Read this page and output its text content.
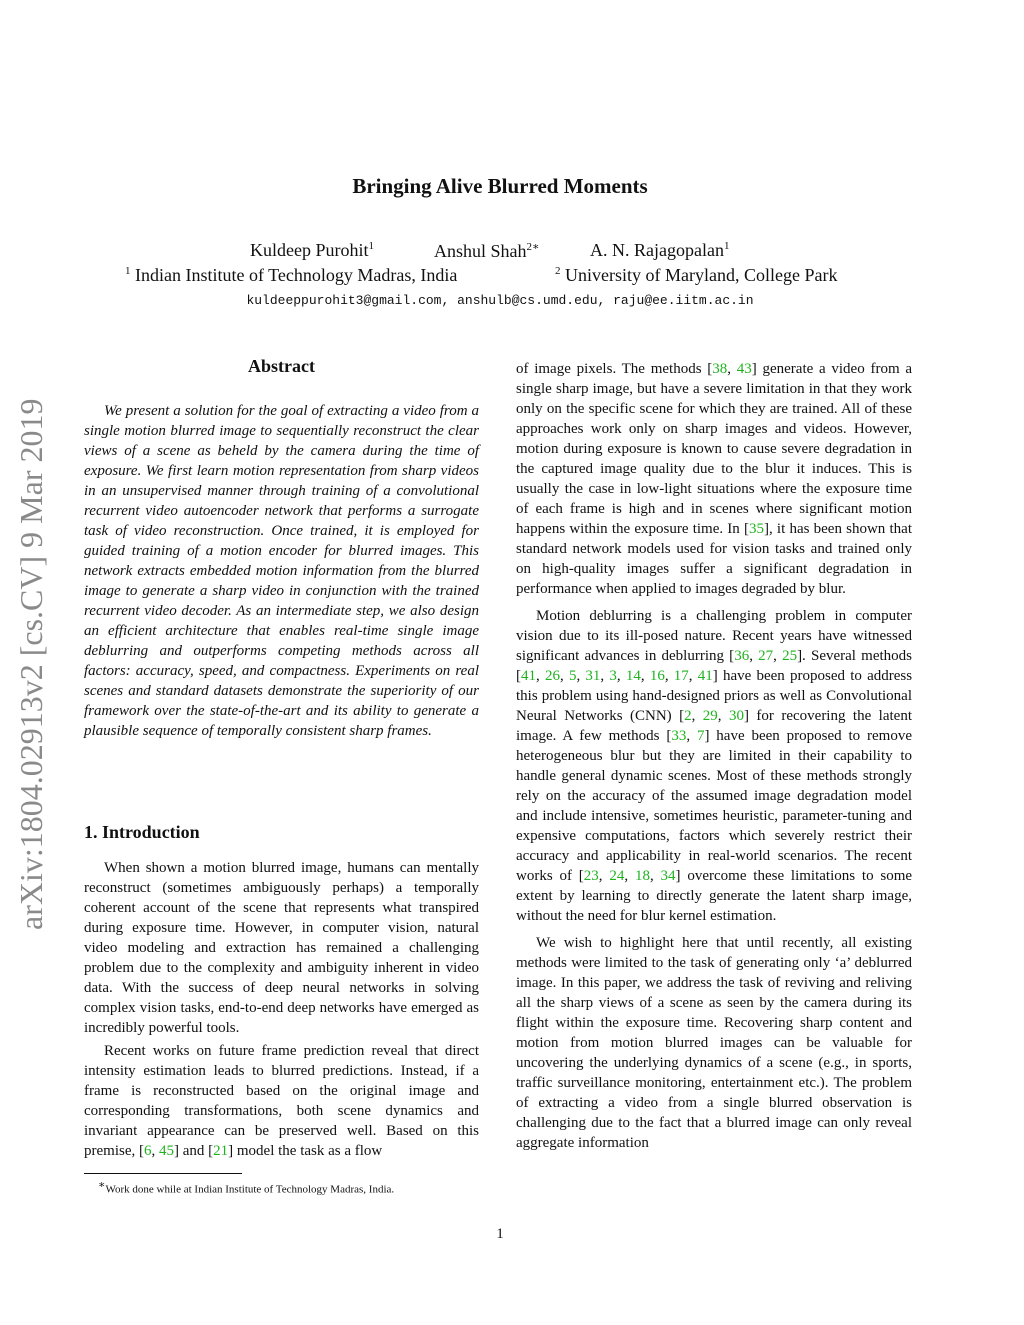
arXiv:1804.02913v2 [cs.CV] 9 Mar 2019
Bringing Alive Blurred Moments
Kuldeep Purohit$^1$	Anshul Shah$^{2∗}$	A. N. Rajagopalan$^1$
$^1$ Indian Institute of Technology Madras, India	$^2$ University of Maryland, College Park
kuldeeppurohit3@gmail.com, anshulb@cs.umd.edu, raju@ee.iitm.ac.in
Abstract

We present a solution for the goal of extracting a video from a single motion blurred image to sequentially reconstruct the clear views of a scene as beheld by the camera during the time of exposure. We first learn motion representation from sharp videos in an unsupervised manner through training of a convolutional recurrent video autoencoder network that performs a surrogate task of video reconstruction. Once trained, it is employed for guided training of a motion encoder for blurred images. This network extracts embedded motion information from the blurred image to generate a sharp video in conjunction with the trained recurrent video decoder. As an intermediate step, we also design an efficient architecture that enables real-time single image deblurring and outperforms competing methods across all factors: accuracy, speed, and compactness. Experiments on real scenes and standard datasets demonstrate the superiority of our framework over the state-of-the-art and its ability to generate a plausible sequence of temporally consistent sharp frames.

1. Introduction

When shown a motion blurred image, humans can mentally reconstruct (sometimes ambiguously perhaps) a temporally coherent account of the scene that represents what transpired during exposure time. However, in computer vision, natural video modeling and extraction has remained a challenging problem due to the complexity and ambiguity inherent in video data. With the success of deep neural networks in solving complex vision tasks, end-to-end deep networks have emerged as incredibly powerful tools.

Recent works on future frame prediction reveal that direct intensity estimation leads to blurred predictions. Instead, if a frame is reconstructed based on the original image and corresponding transformations, both scene dynamics and invariant appearance can be preserved well. Based on this premise, [6, 45] and [21] model the task as a flow

of image pixels. The methods [38, 43] generate a video from a single sharp image, but have a severe limitation in that they work only on the specific scene for which they are trained. All of these approaches work only on sharp images and videos. However, motion during exposure is known to cause severe degradation in the captured image quality due to the blur it induces. This is usually the case in low-light situations where the exposure time of each frame is high and in scenes where significant motion happens within the exposure time. In [35], it has been shown that standard network models used for vision tasks and trained only on high-quality images suffer a significant degradation in performance when applied to images degraded by blur.

Motion deblurring is a challenging problem in computer vision due to its ill-posed nature. Recent years have witnessed significant advances in deblurring [36, 27, 25]. Several methods [41, 26, 5, 31, 3, 14, 16, 17, 41] have been proposed to address this problem using hand-designed priors as well as Convolutional Neural Networks (CNN) [2, 29, 30] for recovering the latent image. A few methods [33, 7] have been proposed to remove heterogeneous blur but they are limited in their capability to handle general dynamic scenes. Most of these methods strongly rely on the accuracy of the assumed image degradation model and include intensive, sometimes heuristic, parameter-tuning and expensive computations, factors which severely restrict their accuracy and applicability in real-world scenarios. The recent works of [23, 24, 18, 34] overcome these limitations to some extent by learning to directly generate the latent sharp image, without the need for blur kernel estimation.

We wish to highlight here that until recently, all existing methods were limited to the task of generating only ‘a’ deblurred image. In this paper, we address the task of reviving and reliving all the sharp views of a scene as seen by the camera during its flight within the exposure time. Recovering sharp content and motion from motion blurred images can be valuable for uncovering the underlying dynamics of a scene (e.g., in sports, traffic surveillance monitoring, entertainment etc.). The problem of extracting a video from a single blurred observation is challenging due to the fact that a blurred image can only reveal aggregate information

∗Work done while at Indian Institute of Technology Madras, India.
1
